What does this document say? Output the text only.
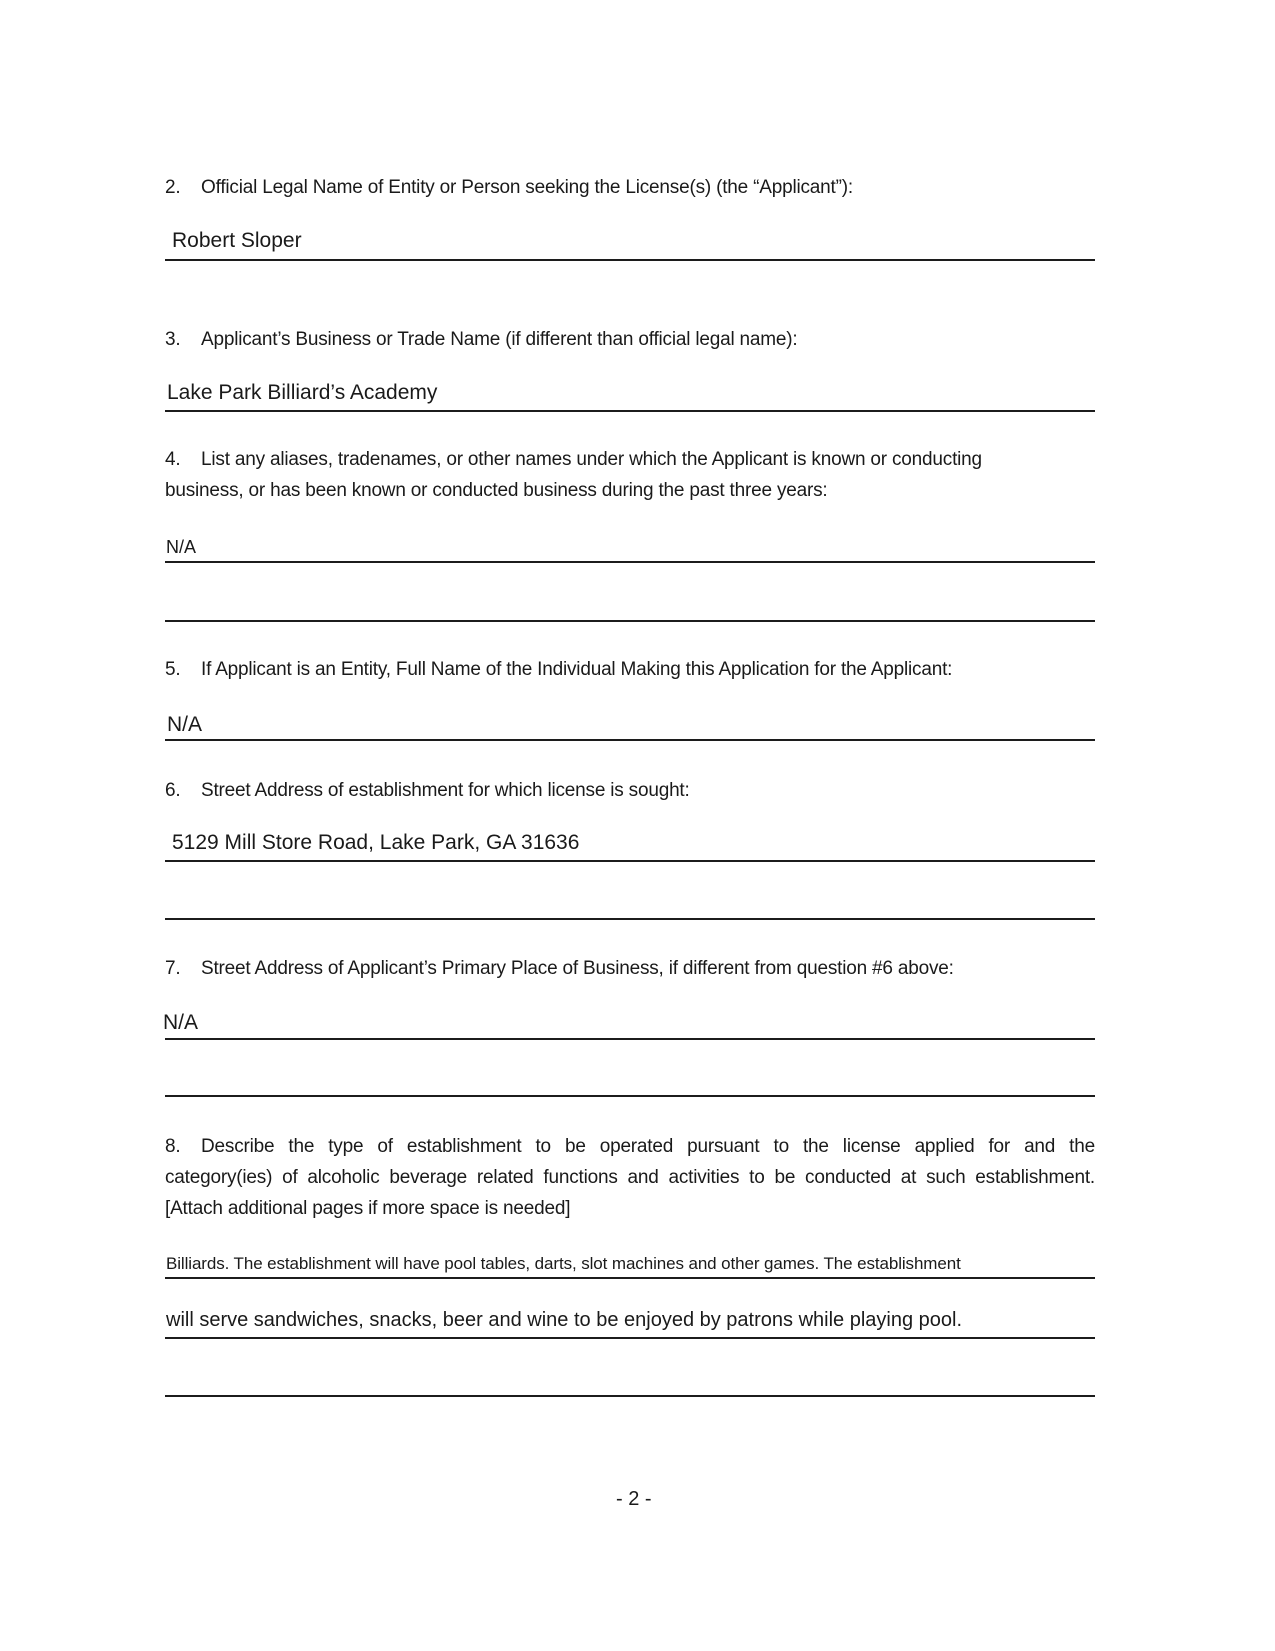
2. Official Legal Name of Entity or Person seeking the License(s) (the “Applicant”):
Robert Sloper
3. Applicant’s Business or Trade Name (if different than official legal name):
Lake Park Billiard’s Academy
4. List any aliases, tradenames, or other names under which the Applicant is known or conducting
business, or has been known or conducted business during the past three years:
N/A
5. If Applicant is an Entity, Full Name of the Individual Making this Application for the Applicant:
N/A
6. Street Address of establishment for which license is sought:
5129 Mill Store Road, Lake Park, GA 31636
7. Street Address of Applicant’s Primary Place of Business, if different from question #6 above:
N/A
8. Describe the type of establishment to be operated pursuant to the license applied for and the
category(ies) of alcoholic beverage related functions and activities to be conducted at such establishment.
[Attach additional pages if more space is needed]
Billiards. The establishment will have pool tables, darts, slot machines and other games. The establishment
will serve sandwiches, snacks, beer and wine to be enjoyed by patrons while playing pool.
- 2 -
